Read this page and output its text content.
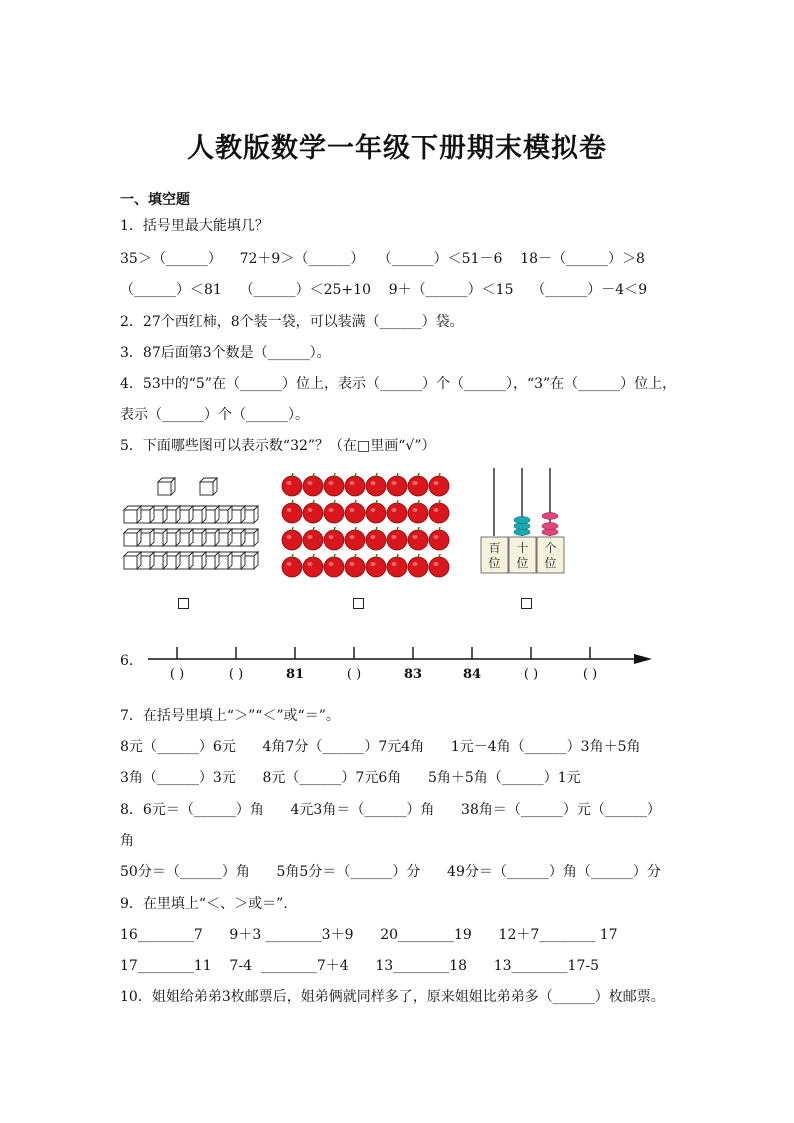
人教版数学一年级下册期末模拟卷
一、填空题
1．括号里最大能填几？
35＞（______）    72＋9＞（______）   （______）＜51－6    18－（______）＞8
（______）＜81    （______）＜25+10    9＋（______）＜15    （______）－4＜9
2．27个西红柿，8个装一袋，可以装满（______）袋。
3．87后面第3个数是（______）。
4．53中的“5”在（______）位上，表示（______）个（______），“3”在（______）位上，
表示（______）个（______）。
5．下面哪些图可以表示数“32”？（在□里画“√”）
百
位
十
位
个
位
6．
( )	( )	81	( )	83	84	( )	( )
7．在括号里填上“＞”“＜”或“＝”。
8元（______）6元      4角7分（______）7元4角      1元－4角（______）3角＋5角
3角（______）3元      8元（______）7元6角      5角＋5角（______）1元
8．6元＝（______）角      4元3角＝（______）角      38角＝（______）元（______）
角
50分＝（______）角      5角5分＝（______）分      49分＝（______）角（______）分
9．在里填上“＜、＞或＝”.
16________7      9＋3 ________3＋9      20________19      12＋7________ 17
17________11    7-4  ________7＋4      13________18      13________17-5
10．姐姐给弟弟3枚邮票后，姐弟俩就同样多了，原来姐姐比弟弟多（______）枚邮票。
